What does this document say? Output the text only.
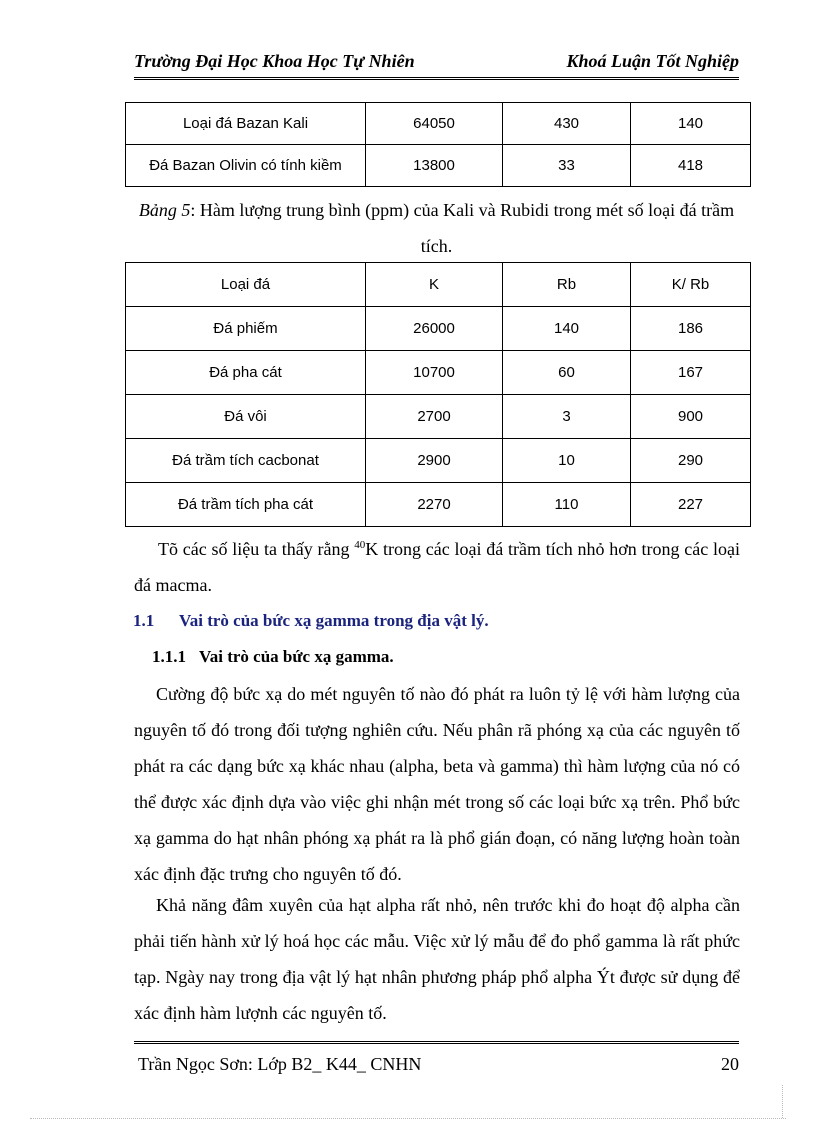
Trường Đại Học Khoa Học Tự Nhiên	Khoá Luận Tốt Nghiệp
Loại đá Bazan Kali	64050	430	140
Đá Bazan Olivin có tính kiềm	13800	33	418
Bảng 5: Hàm lượng trung bình (ppm) của Kali và Rubidi trong mét số loại đá trầm tích.
Loại đá	K	Rb	K/ Rb
Đá phiếm	26000	140	186
Đá pha cát	10700	60	167
Đá vôi	2700	3	900
Đá trầm tích cacbonat	2900	10	290
Đá trầm tích pha cát	2270	110	227
Tõ các số liệu ta thấy rằng $^{40}$K trong các loại đá trầm tích nhỏ hơn trong các loại đá macma.
1.1 Vai trò của bức xạ gamma trong địa vật lý.
1.1.1 Vai trò của bức xạ gamma.
Cường độ bức xạ do mét nguyên tố nào đó phát ra luôn tỷ lệ với hàm lượng của nguyên tố đó trong đối tượng nghiên cứu. Nếu phân rã phóng xạ của các nguyên tố phát ra các dạng bức xạ khác nhau (alpha, beta và gamma) thì hàm lượng của nó có thể được xác định dựa vào việc ghi nhận mét trong số các loại bức xạ trên. Phổ bức xạ gamma do hạt nhân phóng xạ phát ra là phổ gián đoạn, có năng lượng hoàn toàn xác định đặc trưng cho nguyên tố đó.
Khả năng đâm xuyên của hạt alpha rất nhỏ, nên trước khi đo hoạt độ alpha cần phải tiến hành xử lý hoá học các mẫu. Việc xử lý mẫu để đo phổ gamma là rất phức tạp. Ngày nay trong địa vật lý hạt nhân phương pháp phổ alpha Ýt được sử dụng để xác định hàm lượnh các nguyên tố.
Trần Ngọc Sơn: Lớp B2_ K44_ CNHN	20
